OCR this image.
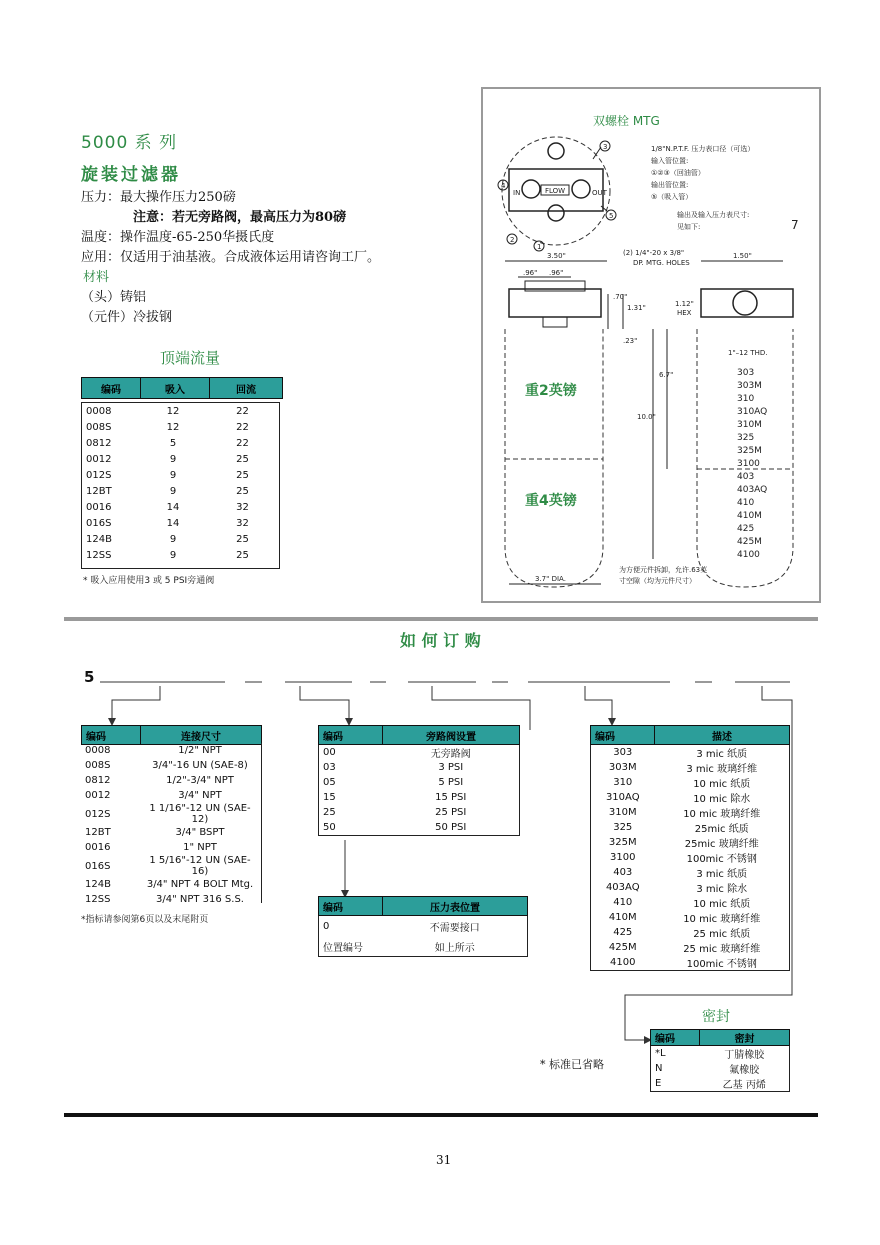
5000 系 列
旋装过滤器
压力：最大操作压力250磅
注意：若无旁路阀，最高压力为80磅
温度：操作温度-65-250华摄氏度
应用：仅适用于油基液。合成液体运用请咨询工厂。
材料
（头）铸铝
（元件）冷拔钢
顶端流量
编码	吸入	回流
0008	12	22
008S	12	22
0812	5	22
0012	9	25
012S	9	25
12BT	9	25
0016	14	32
016S	14	32
124B	9	25
12SS	9	25
* 吸入应用使用3 或 5 PSI旁通阀
双螺栓 MTG
FLOW
IN	OUT
3
4
2
1
5
1/8"N.P.T.F. 压力表口径（可选）
输入管位置:
①②③（回油管）
输出管位置:
⑤（吸入管）
输出及输入压力表尺寸:
见如下:	7
(2) 1/4"-20 x 3/8"
DP. MTG. HOLES
3.50"
.96" .96"
1.50"
.70"
1.31"
.23"
重2英镑
重4英镑
3.7" DIA.
10.0"
6.7"
1.12"
HEX
1"–12 THD.
303
303M
310
310AQ
310M
325
325M
3100
403
403AQ
410
410M
425
425M
4100
为方便元件拆卸，允许.63英
寸空隙（均为元件尺寸）
如 何 订 购
5
编码	连接尺寸
0008	1/2" NPT
008S	3/4"-16 UN (SAE-8)
0812	1/2"-3/4" NPT
0012	3/4" NPT
012S	1 1/16"-12 UN (SAE-12)
12BT	3/4" BSPT
0016	1" NPT
016S	1 5/16"-12 UN (SAE-16)
124B	3/4" NPT 4 BOLT Mtg.
12SS	3/4" NPT 316 S.S.
*指标请参阅第6页以及末尾附页
编码	旁路阀设置
00	无旁路阀
03	3 PSI
05	5 PSI
15	15 PSI
25	25 PSI
50	50 PSI
编码	压力表位置
0	不需要接口
位置编号	如上所示
编码	描述
303	3 mic 纸质
303M	3 mic 玻璃纤维
310	10 mic 纸质
310AQ	10 mic 除水
310M	10 mic 玻璃纤维
325	25mic 纸质
325M	25mic 玻璃纤维
3100	100mic 不锈钢
403	3 mic 纸质
403AQ	3 mic 除水
410	10 mic 纸质
410M	10 mic 玻璃纤维
425	25 mic 纸质
425M	25 mic 玻璃纤维
4100	100mic 不锈钢
密封
编码	密封
*L	丁腈橡胶
N	氟橡胶
E	乙基 丙烯
* 标准已省略
31
